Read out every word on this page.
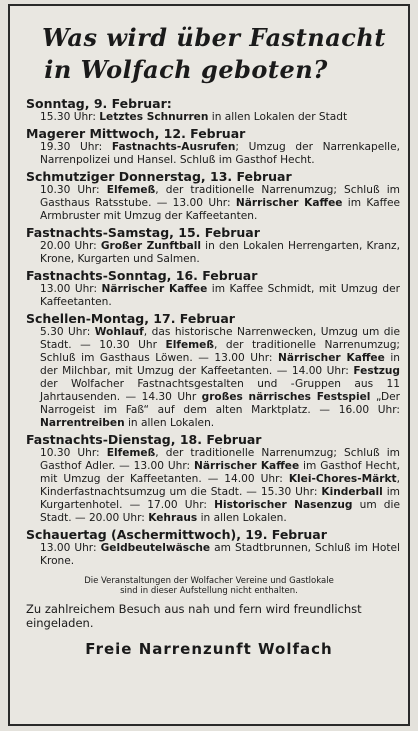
Was wird über Fastnacht
in Wolfach geboten?
Sonntag, 9. Februar:
15.30 Uhr: Letztes Schnurren in allen Lokalen der Stadt
Magerer Mittwoch, 12. Februar
19.30 Uhr: Fastnachts-Ausrufen; Umzug der Narrenkapelle, Narrenpolizei und Hansel. Schluß im Gasthof Hecht.
Schmutziger Donnerstag, 13. Februar
10.30 Uhr: Elfemeß, der traditionelle Narrenumzug; Schluß im Gasthaus Ratsstube. — 13.00 Uhr: Närrischer Kaffee im Kaffee Armbruster mit Umzug der Kaffeetanten.
Fastnachts-Samstag, 15. Februar
20.00 Uhr: Großer Zunftball in den Lokalen Herrengarten, Kranz, Krone, Kurgarten und Salmen.
Fastnachts-Sonntag, 16. Februar
13.00 Uhr: Närrischer Kaffee im Kaffee Schmidt, mit Umzug der Kaffeetanten.
Schellen-Montag, 17. Februar
5.30 Uhr: Wohlauf, das historische Narrenwecken, Umzug um die Stadt. — 10.30 Uhr Elfemeß, der traditionelle Narrenumzug; Schluß im Gasthaus Löwen. — 13.00 Uhr: Närrischer Kaffee in der Milchbar, mit Umzug der Kaffeetanten. — 14.00 Uhr: Festzug der Wolfacher Fastnachtsgestalten und -Gruppen aus 11 Jahrtausenden. — 14.30 Uhr großes närrisches Festspiel „Der Narrogeist im Faß“ auf dem alten Marktplatz. — 16.00 Uhr: Narrentreiben in allen Lokalen.
Fastnachts-Dienstag, 18. Februar
10.30 Uhr: Elfemeß, der traditionelle Narrenumzug; Schluß im Gasthof Adler. — 13.00 Uhr: Närrischer Kaffee im Gasthof Hecht, mit Umzug der Kaffeetanten. — 14.00 Uhr: Klei-Chores-Märkt, Kinderfastnachtsumzug um die Stadt. — 15.30 Uhr: Kinderball im Kurgartenhotel. — 17.00 Uhr: Historischer Nasenzug um die Stadt. — 20.00 Uhr: Kehraus in allen Lokalen.
Schauertag (Aschermittwoch), 19. Februar
13.00 Uhr: Geldbeutelwäsche am Stadtbrunnen, Schluß im Hotel Krone.
Die Veranstaltungen der Wolfacher Vereine und Gastlokale
sind in dieser Aufstellung nicht enthalten.
Zu zahlreichem Besuch aus nah und fern wird freundlichst eingeladen.
Freie Narrenzunft Wolfach
